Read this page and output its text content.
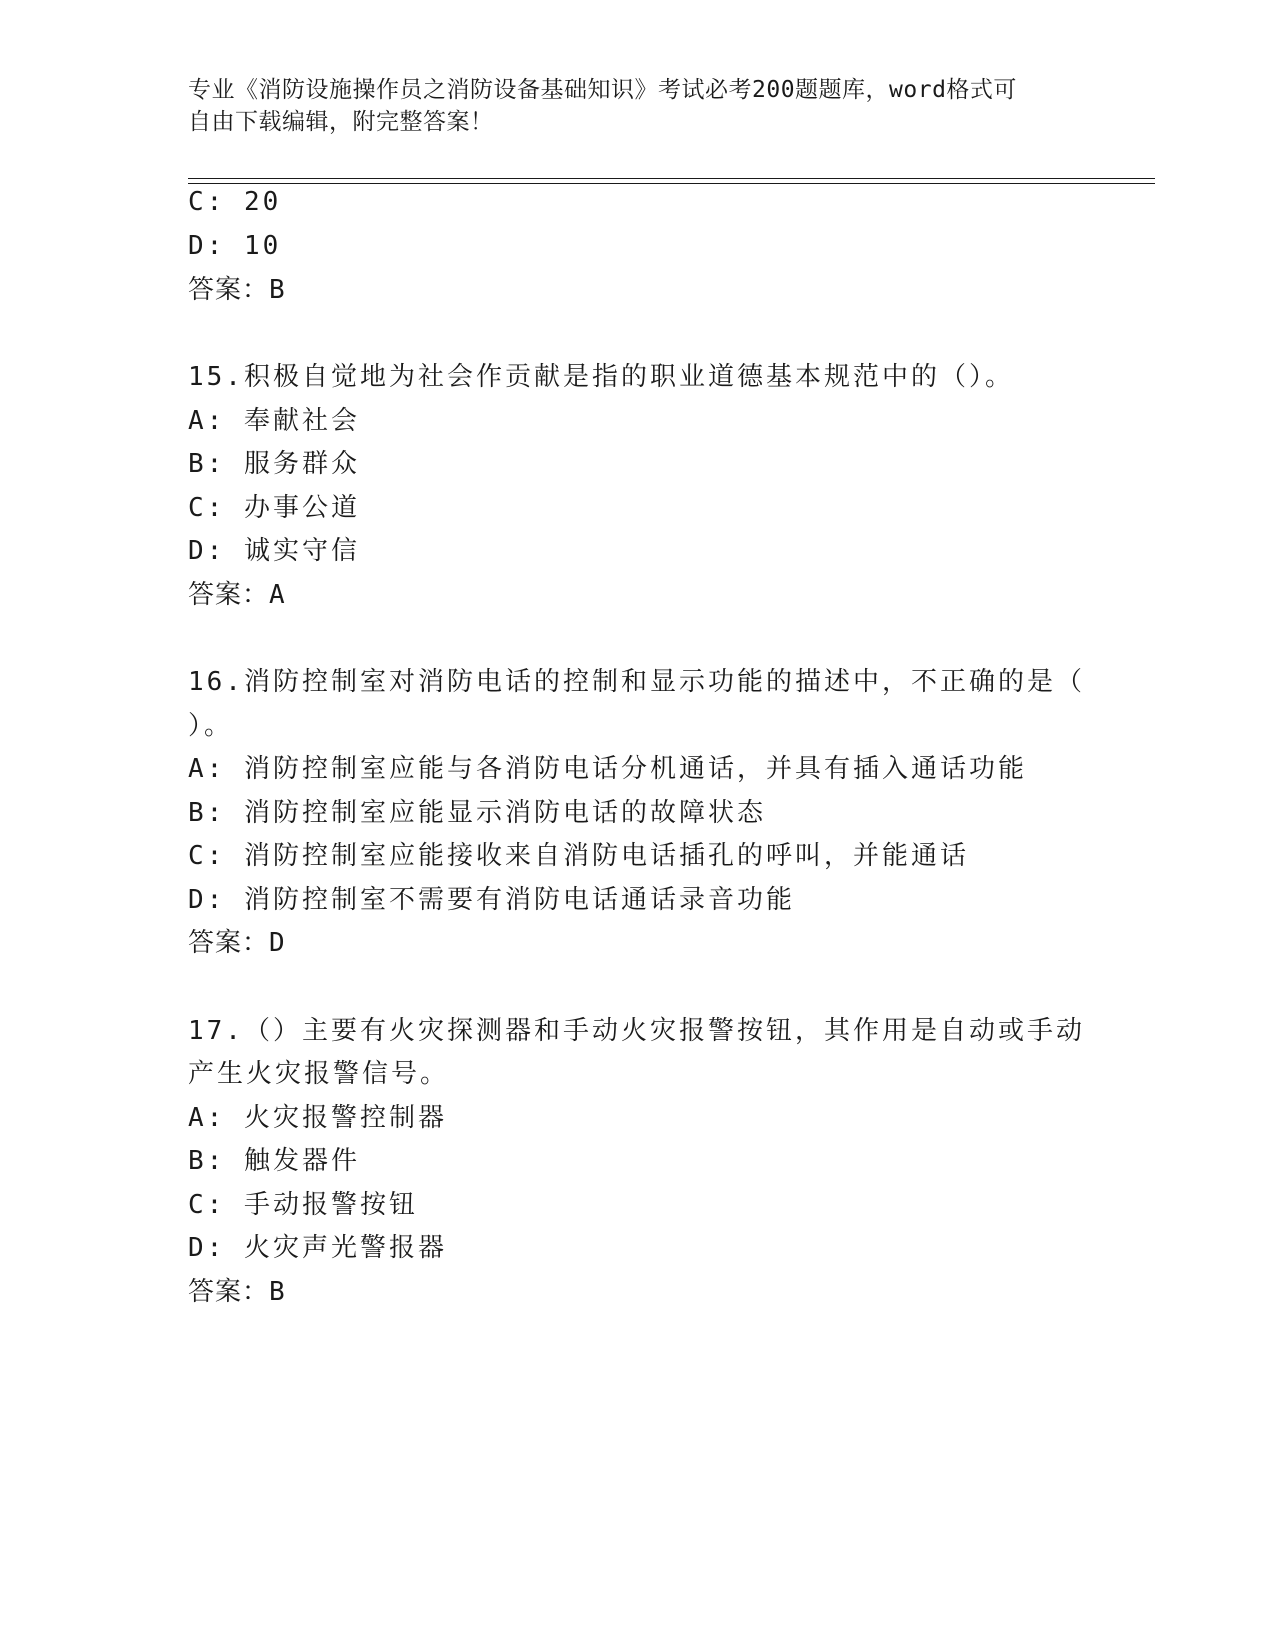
专业《消防设施操作员之消防设备基础知识》考试必考200题题库，word格式可
自由下载编辑，附完整答案！
C: 20
D: 10
答案：B
15.积极自觉地为社会作贡献是指的职业道德基本规范中的（）。
A: 奉献社会
B: 服务群众
C: 办事公道
D: 诚实守信
答案：A
16.消防控制室对消防电话的控制和显示功能的描述中，不正确的是（
）。
A: 消防控制室应能与各消防电话分机通话，并具有插入通话功能
B: 消防控制室应能显示消防电话的故障状态
C: 消防控制室应能接收来自消防电话插孔的呼叫，并能通话
D: 消防控制室不需要有消防电话通话录音功能
答案：D
17.（）主要有火灾探测器和手动火灾报警按钮，其作用是自动或手动
产生火灾报警信号。
A: 火灾报警控制器
B: 触发器件
C: 手动报警按钮
D: 火灾声光警报器
答案：B
